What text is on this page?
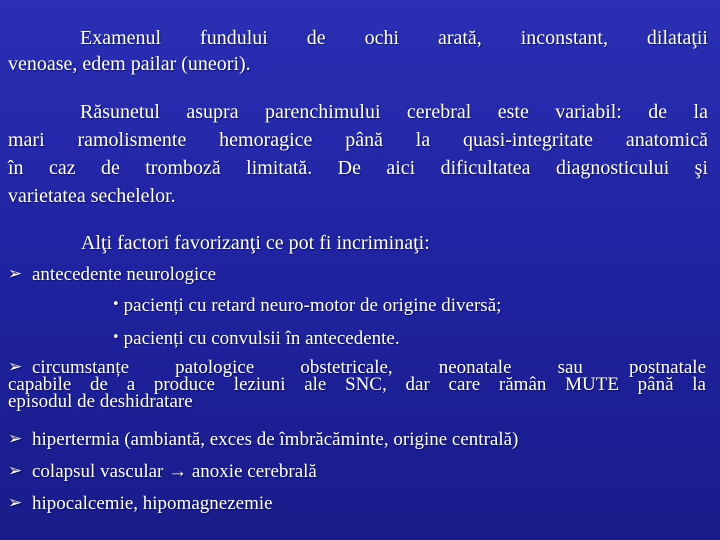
Examenul fundului de ochi arată, inconstant, dilataţii
venoase, edem pailar (uneori).

Răsunetul asupra parenchimului cerebral este variabil: de la
mari ramolismente hemoragice până la quasi-integritate anatomică
în caz de tromboză limitată. De aici dificultatea diagnosticului şi
varietatea sechelelor.

Alţi factori favorizanţi ce pot fi incriminaţi:

➢ antecedente neurologice
• pacienți cu retard neuro-motor de origine diversă;
• pacienți cu convulsii în antecedente.
➢ circumstanțe patologice obstetricale, neonatale sau postnatale
capabile de a produce leziuni ale SNC, dar care rămân MUTE până la
episodul de deshidratare
➢ hipertermia (ambiantă, exces de îmbrăcăminte, origine centrală)
➢ colapsul vascular → anoxie cerebrală
➢ hipocalcemie, hipomagnezemie
